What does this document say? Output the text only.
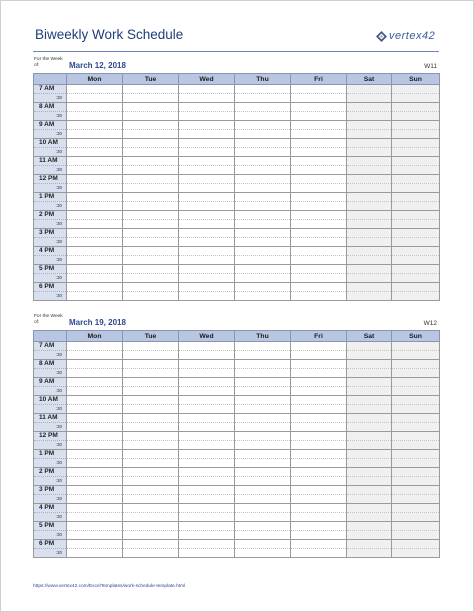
Biweekly Work Schedule	vertex42
For the Week of:	March 12, 2018	W11
	Mon	Tue	Wed	Thu	Fri	Sat	Sun
7 AM							
:30							
8 AM							
:30							
9 AM							
:30							
10 AM							
:30							
11 AM							
:30							
12 PM							
:30							
1 PM							
:30							
2 PM							
:30							
3 PM							
:30							
4 PM							
:30							
5 PM							
:30							
6 PM							
:30							
For the Week of:	March 19, 2018	W12
	Mon	Tue	Wed	Thu	Fri	Sat	Sun
7 AM							
:30							
8 AM							
:30							
9 AM							
:30							
10 AM							
:30							
11 AM							
:30							
12 PM							
:30							
1 PM							
:30							
2 PM							
:30							
3 PM							
:30							
4 PM							
:30							
5 PM							
:30							
6 PM							
:30							
https://www.vertex42.com/ExcelTemplates/work-schedule-template.html
